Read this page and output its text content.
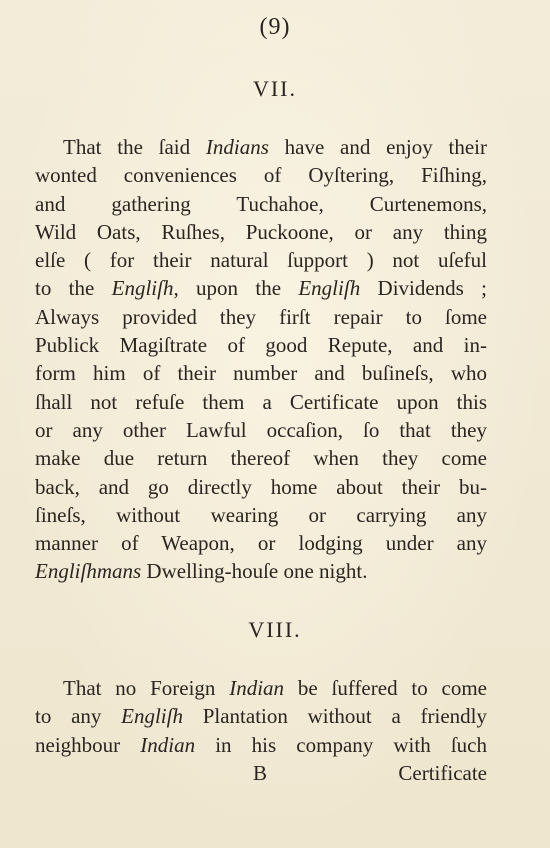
(9)
VII.
That the ſaid Indians have and enjoy their
wonted conveniences of Oyſtering, Fiſhing,
and gathering Tuchahoe, Curtenemons,
Wild Oats, Ruſhes, Puckoone, or any thing
elſe ( for their natural ſupport ) not uſeful
to the Engliſh, upon the Engliſh Dividends ;
Always provided they firſt repair to ſome
Publick Magiſtrate of good Repute, and in-
form him of their number and buſineſs, who
ſhall not refuſe them a Certificate upon this
or any other Lawful occaſion, ſo that they
make due return thereof when they come
back, and go directly home about their bu-
ſineſs, without wearing or carrying any
manner of Weapon, or lodging under any
Engliſhmans Dwelling-houſe one night.
VIII.
That no Foreign Indian be ſuffered to come
to any Engliſh Plantation without a friendly
neighbour Indian in his company with ſuch
B	Certificate
